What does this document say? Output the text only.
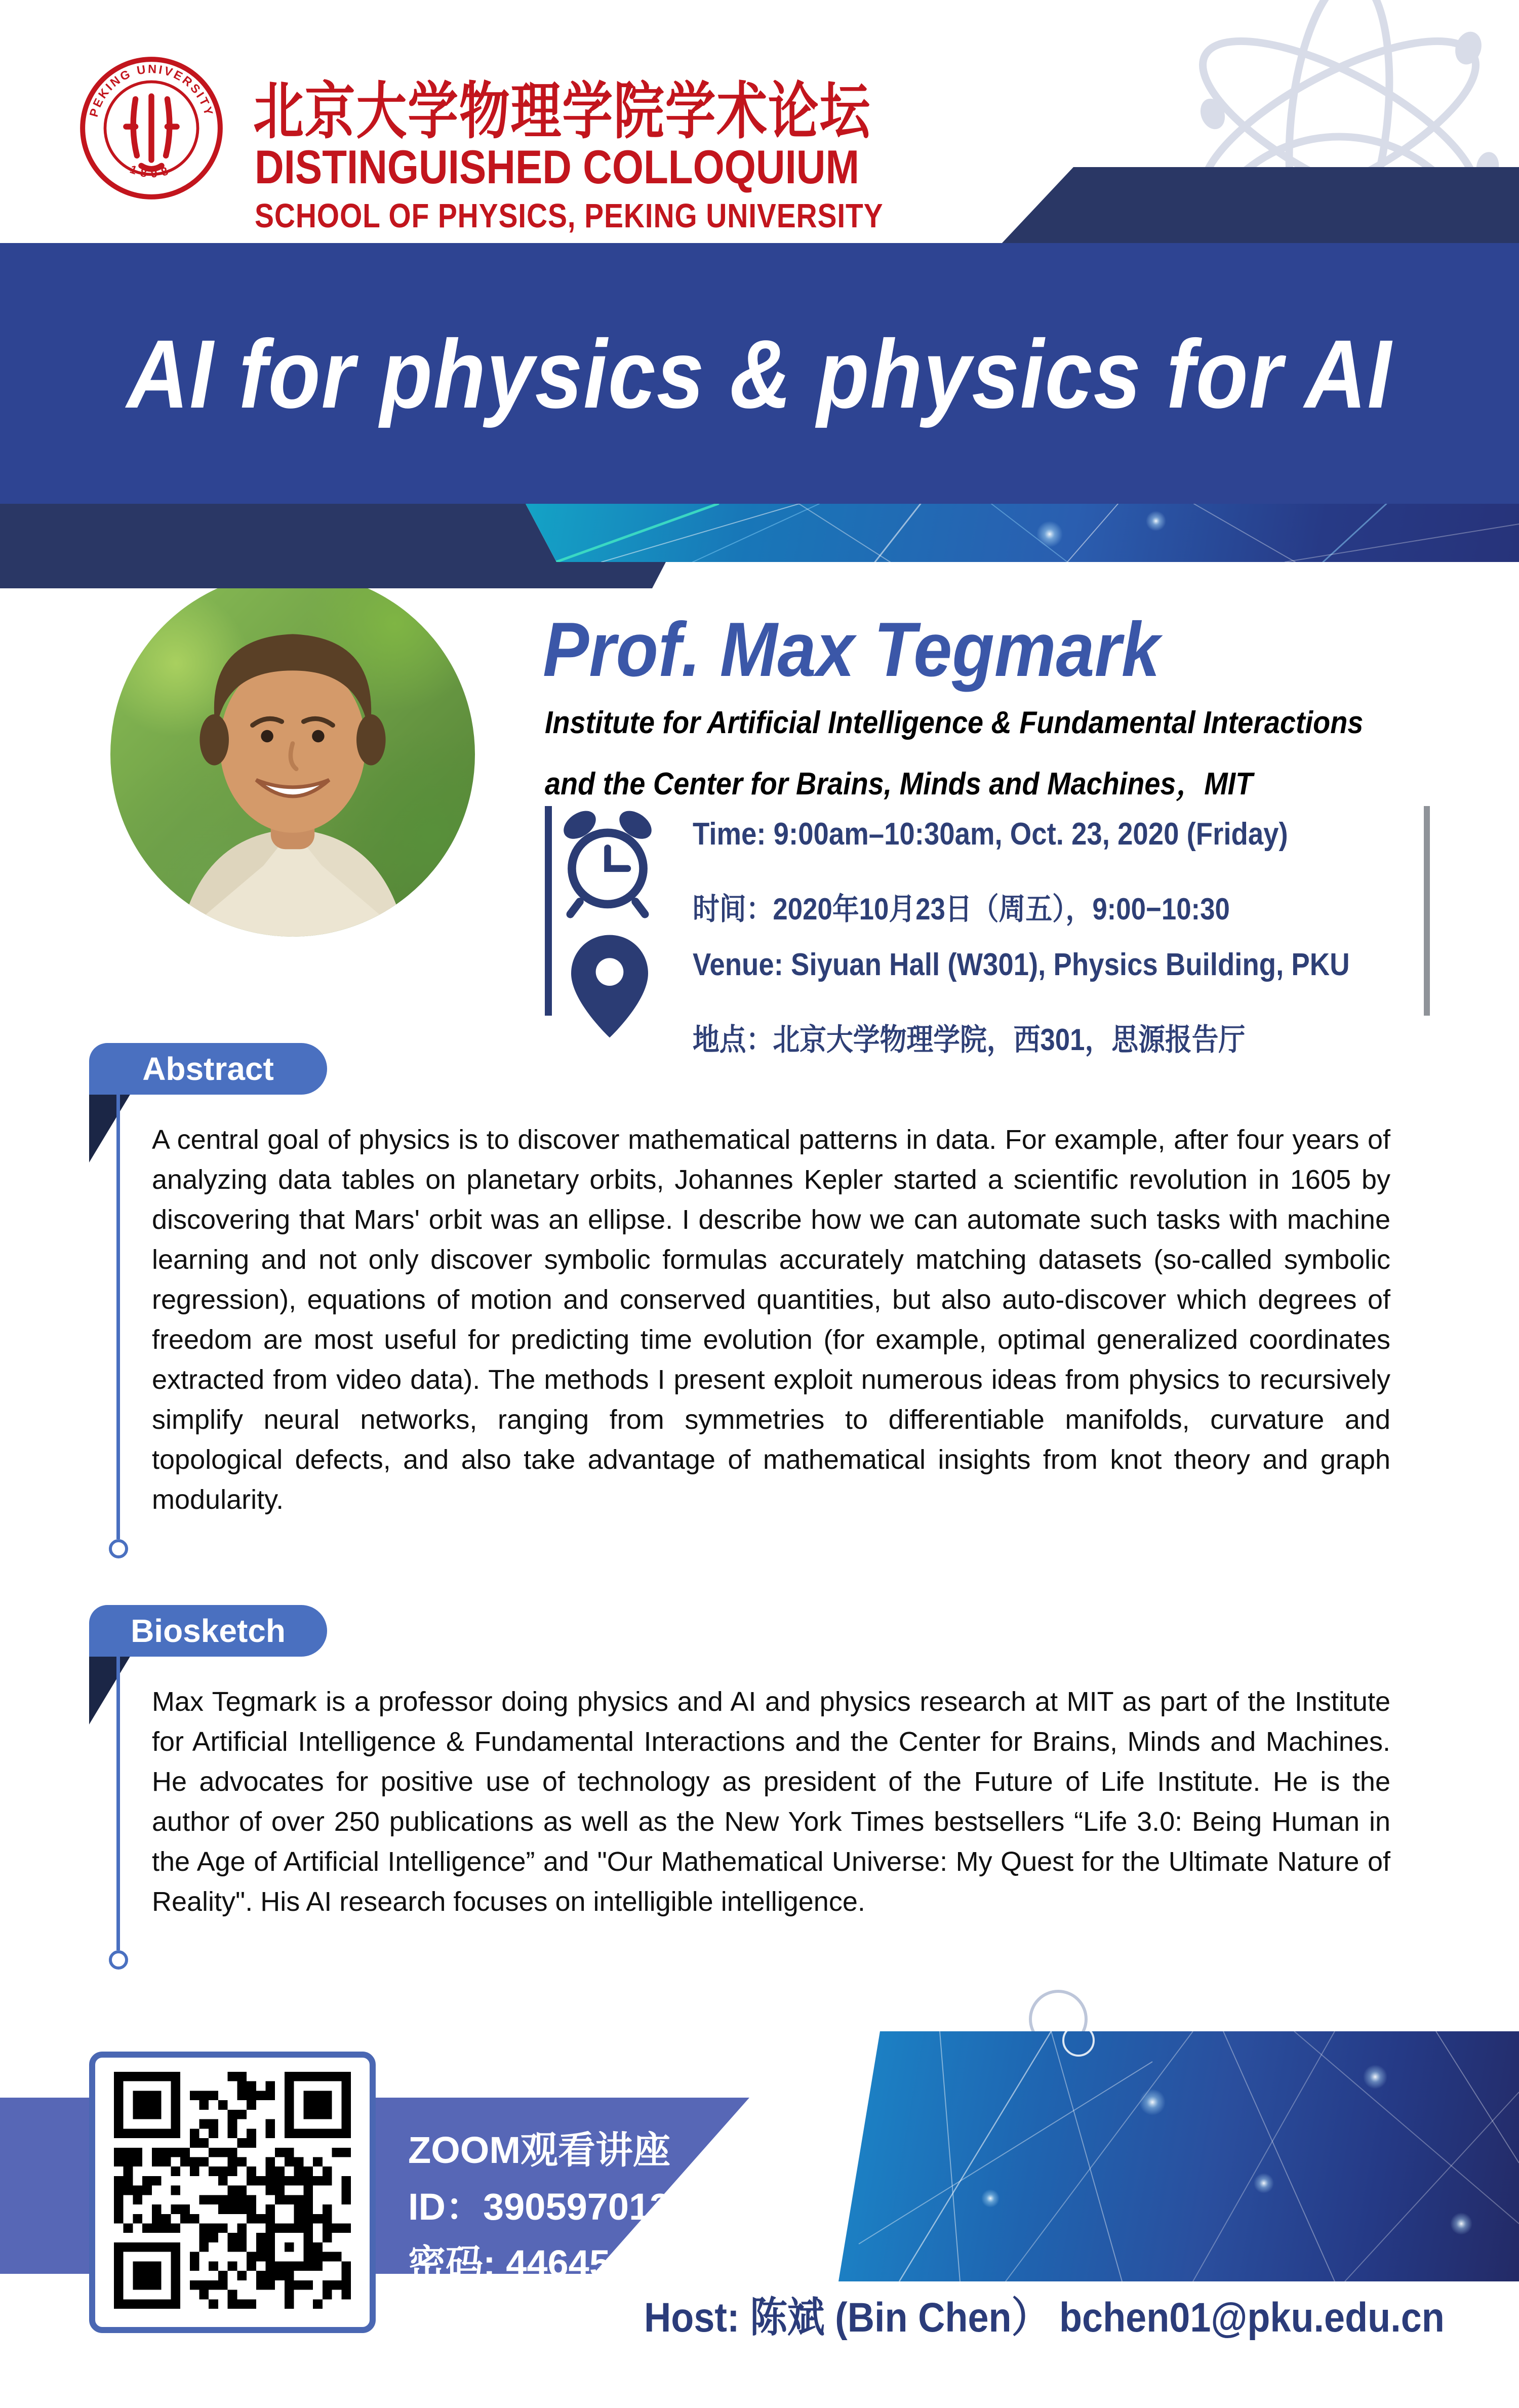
PEKING UNIVERSITY
1898
北京大学物理学院学术论坛
DISTINGUISHED COLLOQUIUM
SCHOOL OF PHYSICS, PEKING UNIVERSITY
AI for physics & physics for AI
Prof. Max Tegmark
Institute for Artificial Intelligence & Fundamental Interactions
and the Center for Brains, Minds and Machines，MIT
Time: 9:00am–10:30am, Oct. 23, 2020 (Friday)
时间：2020年10月23日（周五），9:00−10:30
Venue: Siyuan Hall (W301), Physics Building, PKU
地点：北京大学物理学院，西301，思源报告厅
Abstract
A central goal of physics is to discover mathematical patterns in data. For example, after four years of analyzing data tables on planetary orbits, Johannes Kepler started a scientific revolution in 1605 by discovering that Mars' orbit was an ellipse. I describe how we can automate such tasks with machine learning and not only discover symbolic formulas accurately matching datasets (so-called symbolic regression), equations of motion and conserved quantities, but also auto-discover which degrees of freedom are most useful for predicting time evolution (for example, optimal generalized coordinates extracted from video data). The methods I present exploit numerous ideas from physics to recursively simplify neural networks, ranging from symmetries to differentiable manifolds, curvature and topological defects, and also take advantage of mathematical insights from knot theory and graph modularity.
Biosketch
Max Tegmark is a professor doing physics and AI and physics research at MIT as part of the Institute for Artificial Intelligence & Fundamental Interactions and the Center for Brains, Minds and Machines. He advocates for positive use of technology as president of the Future of Life Institute. He is the author of over 250 publications as well as the New York Times bestsellers “Life 3.0: Being Human in the Age of Artificial Intelligence” and "Our Mathematical Universe: My Quest for the Ultimate Nature of Reality". His AI research focuses on intelligible intelligence.
ZOOM观看讲座
ID：390597013
密码: 446459
Host: 陈斌 (Bin Chen） bchen01@pku.edu.cn
